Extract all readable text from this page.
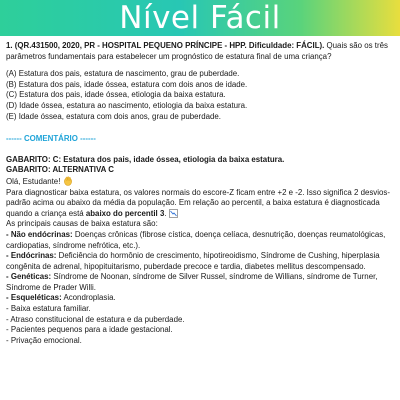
Nível Fácil

1. (QR.431500, 2020, PR - HOSPITAL PEQUENO PRÍNCIPE - HPP. Dificuldade: FÁCIL). Quais são os três parâmetros fundamentais para estabelecer um prognóstico de estatura final de uma criança?

(A) Estatura dos pais, estatura de nascimento, grau de puberdade.

(B) Estatura dos pais, idade óssea, estatura com dois anos de idade.

(C) Estatura dos pais, idade óssea, etiologia da baixa estatura.

(D) Idade óssea, estatura ao nascimento, etiologia da baixa estatura.

(E) Idade óssea, estatura com dois anos, grau de puberdade.

------ COMENTÁRIO ------

GABARITO: C: Estatura dos pais, idade óssea, etiologia da baixa estatura.

GABARITO: ALTERNATIVA C

Olá, Estudante!

Para diagnosticar baixa estatura, os valores normais do escore-Z ficam entre +2 e -2. Isso significa 2 desvios-padrão acima ou abaixo da média da população. Em relação ao percentil, a baixa estatura é diagnosticada quando a criança está abaixo do percentil 3.

As principais causas de baixa estatura são:

- Não endócrinas: Doenças crônicas (fibrose cística, doença celíaca, desnutrição, doenças reumatológicas, cardiopatias, síndrome nefrótica, etc.).

- Endócrinas: Deficiência do hormônio de crescimento, hipotireoidismo, Síndrome de Cushing, hiperplasia congênita de adrenal, hipopituitarismo, puberdade precoce e tardia, diabetes mellitus descompensado.

- Genéticas: Síndrome de Noonan, síndrome de Silver Russel, síndrome de Willians, síndrome de Turner, Síndrome de Prader Willi.

- Esqueléticas: Acondroplasia.

- Baixa estatura familiar.

- Atraso constitucional de estatura e da puberdade.

- Pacientes pequenos para a idade gestacional.

- Privação emocional.
